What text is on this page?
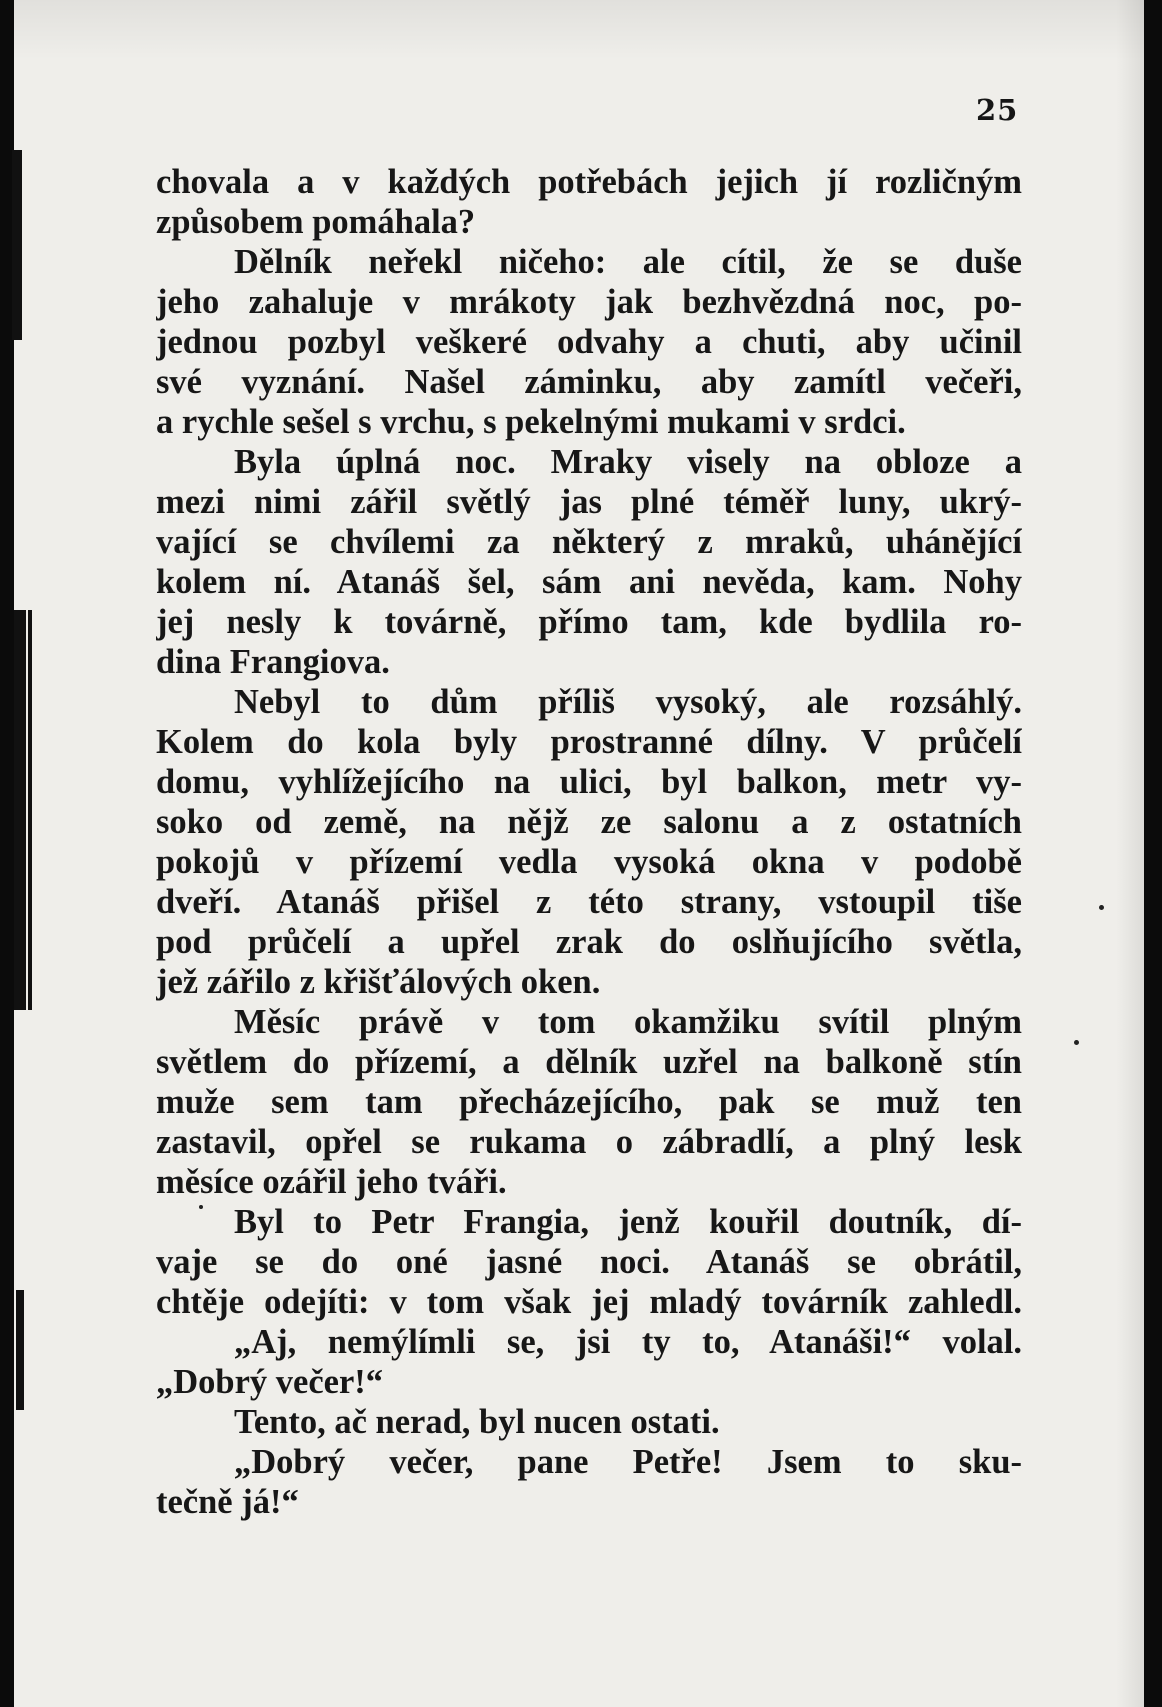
25
chovala a v každých potřebách jejich jí rozličným
způsobem pomáhala?
Dělník neřekl ničeho: ale cítil, že se duše
jeho zahaluje v mrákoty jak bezhvězdná noc, po-
jednou pozbyl veškeré odvahy a chuti, aby učinil
své vyznání. Našel záminku, aby zamítl večeři,
a rychle sešel s vrchu, s pekelnými mukami v srdci.
Byla úplná noc. Mraky visely na obloze a
mezi nimi zářil světlý jas plné téměř luny, ukrý-
vající se chvílemi za některý z mraků, uhánějící
kolem ní. Atanáš šel, sám ani nevěda, kam. Nohy
jej nesly k továrně, přímo tam, kde bydlila ro-
dina Frangiova.
Nebyl to dům příliš vysoký, ale rozsáhlý.
Kolem do kola byly prostranné dílny. V průčelí
domu, vyhlížejícího na ulici, byl balkon, metr vy-
soko od země, na nějž ze salonu a z ostatních
pokojů v přízemí vedla vysoká okna v podobě
dveří. Atanáš přišel z této strany, vstoupil tiše
pod průčelí a upřel zrak do oslňujícího světla,
jež zářilo z křišťálových oken.
Měsíc právě v tom okamžiku svítil plným
světlem do přízemí, a dělník uzřel na balkoně stín
muže sem tam přecházejícího, pak se muž ten
zastavil, opřel se rukama o zábradlí, a plný lesk
měsíce ozářil jeho tváři.
Byl to Petr Frangia, jenž kouřil doutník, dí-
vaje se do oné jasné noci. Atanáš se obrátil,
chtěje odejíti: v tom však jej mladý továrník zahledl.
„Aj, nemýlímli se, jsi ty to, Atanáši!“ volal.
„Dobrý večer!“
Tento, ač nerad, byl nucen ostati.
„Dobrý večer, pane Petře! Jsem to sku-
tečně já!“
